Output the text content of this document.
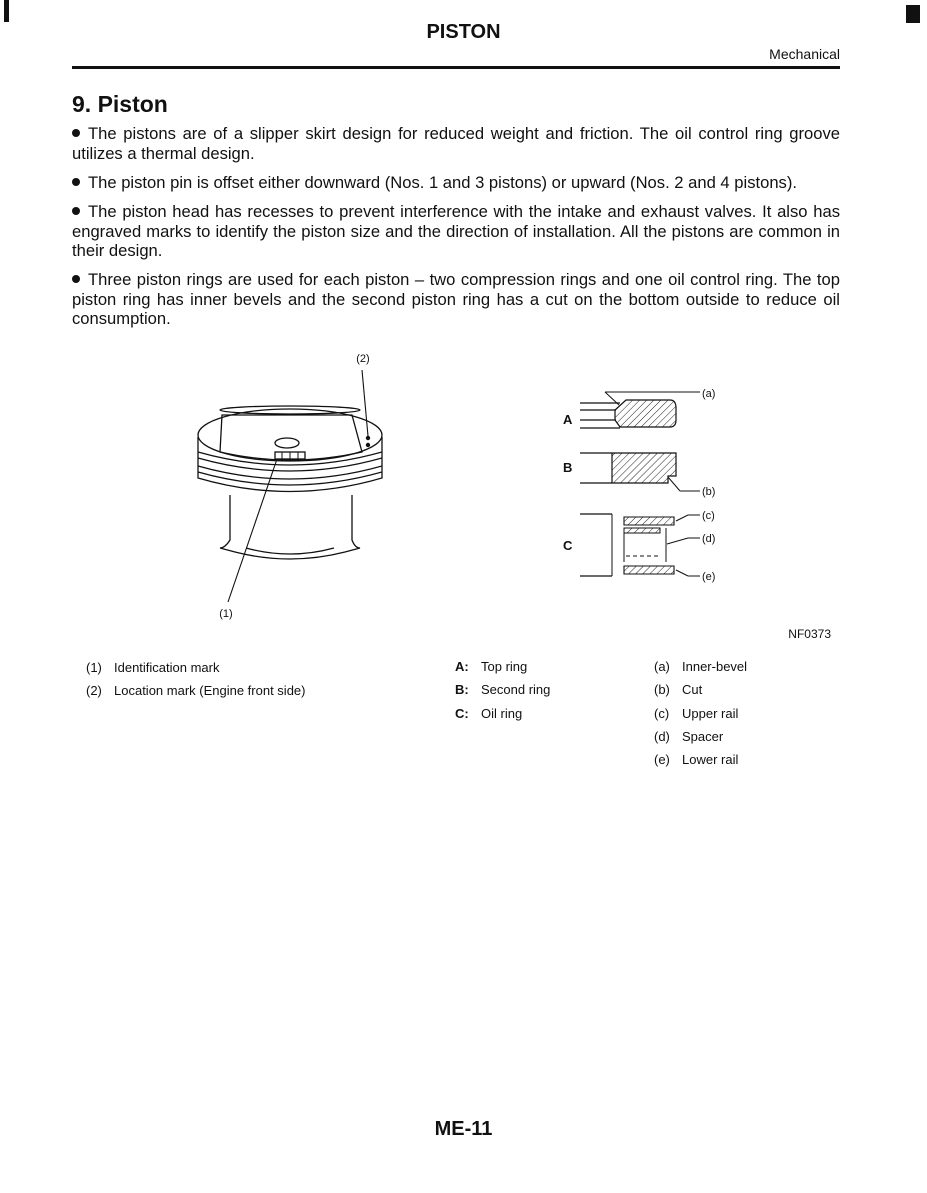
PISTON
Mechanical
9. Piston
The pistons are of a slipper skirt design for reduced weight and friction. The oil control ring groove utilizes a thermal design.
The piston pin is offset either downward (Nos. 1 and 3 pistons) or upward (Nos. 2 and 4 pistons).
The piston head has recesses to prevent interference with the intake and exhaust valves. It also has engraved marks to identify the piston size and the direction of installation. All the pistons are common in their design.
Three piston rings are used for each piston – two compression rings and one oil control ring. The top piston ring has inner bevels and the second piston ring has a cut on the bottom outside to reduce oil consumption.
(2)
(1)
A
B
C
(a)
(b)
(c)
(d)
(e)
NF0373
(1) Identification mark
(2) Location mark (Engine front side)
A: Top ring
B: Second ring
C: Oil ring
(a) Inner-bevel
(b) Cut
(c) Upper rail
(d) Spacer
(e) Lower rail
ME-11
